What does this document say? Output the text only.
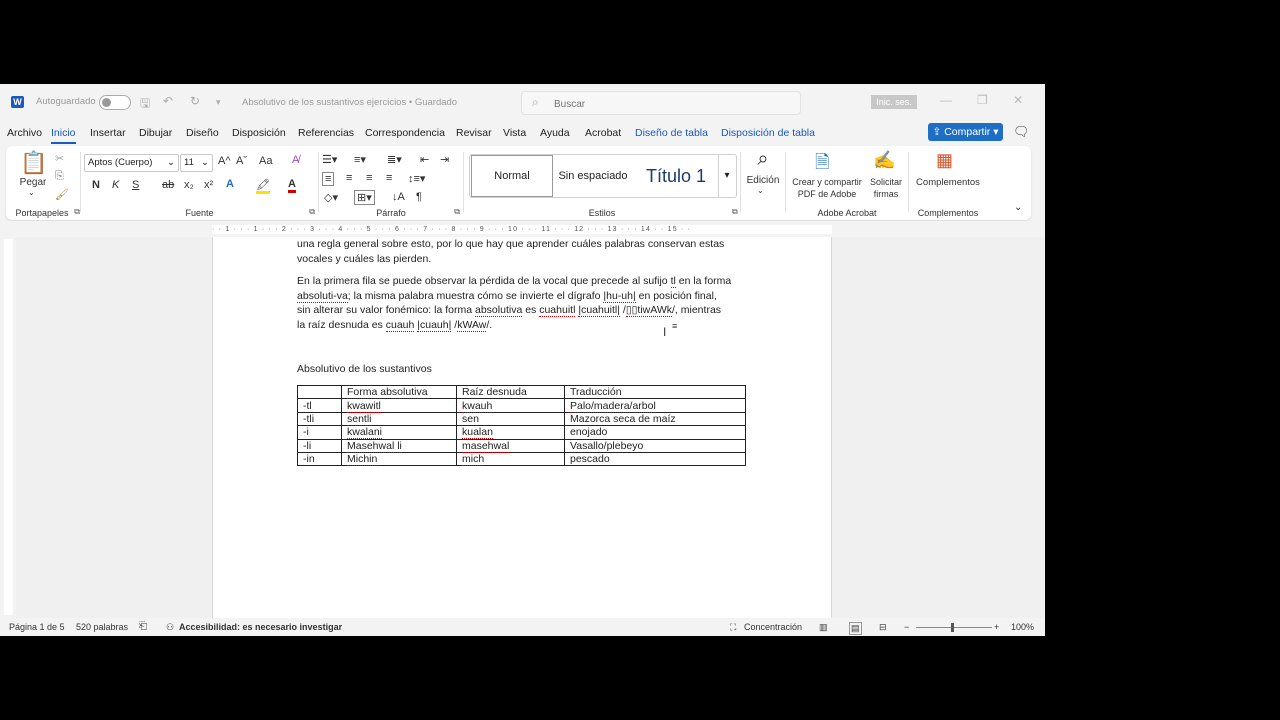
W Autoguardado	🖫 ↶ ↻ ▾ Absolutivo de los sustantivos ejercicios • Guardado	⌕
Buscar	Inic. ses.	— ❐ ✕
Archivo Inicio Insertar Dibujar Diseño Disposición Referencias Correspondencia Revisar Vista Ayuda Acrobat Diseño de tabla Disposición de tabla	⇪ Compartir ▾	🗨
📋
Pegar
⌄
✂
⎘
🖌
Portapapeles ⧉
Aptos (Cuerpo) ⌄ 11 ⌄ A^ Aˇ Aa A̸
N K S ab x₂ x² A 🖍 A
Fuente	⧉
☰▾ ≡▾ ≣▾ ⇤ ⇥
≡ ≡ ≡ ≡ ↕≡▾
◇▾ ⊞▾ ↓A ¶
Párrafo	⧉
Normal	Sin espaciado	Título 1	▾
Estilos	⧉
⌕
Edición
⌄
🗎
Crear y compartir
PDF de Adobe
✍
Solicitar
firmas
Adobe Acrobat
▦
Complementos
Complementos	⌄
· · 1 · · · 1 · · · 2 · · · 3 · · · 4 · · · 5 · · · 6 · · · 7 · · · 8 · · · 9 · · · 10 · · · 11 · · · 12 · · · 13 · · · 14 · · 15 · ·
una regla general sobre esto, por lo que hay que aprender cuáles palabras conservan estas
vocales y cuáles las pierden.
En la primera fila se puede observar la pérdida de la vocal que precede al sufijo tl en la forma
absoluti-va; la misma palabra muestra cómo se invierte el dígrafo |hu-uh| en posición final,
sin alterar su valor fonémico: la forma absolutiva es cuahuitl |cuahuitl| /▯▯tiwAWk/, mientras
la raíz desnuda es cuauh |cuauh| /kWAw/.
I ≡
Absolutivo de los sustantivos
	Forma absolutiva	Raíz desnuda	Traducción
-tl	kwawitl	kwauh	Palo/madera/arbol
-tli	sentli	sen	Mazorca seca de maíz
-i	kwalani	kualan	enojado
-li	Masehwal li	masehwal	Vasallo/plebeyo
-in	Michin	mich	pescado
Página 1 de 5 520 palabras ⎗ ⚇ Accesibilidad: es necesario investigar	⛶ Concentración ▥	▤ ⊟ −	+ 100%
